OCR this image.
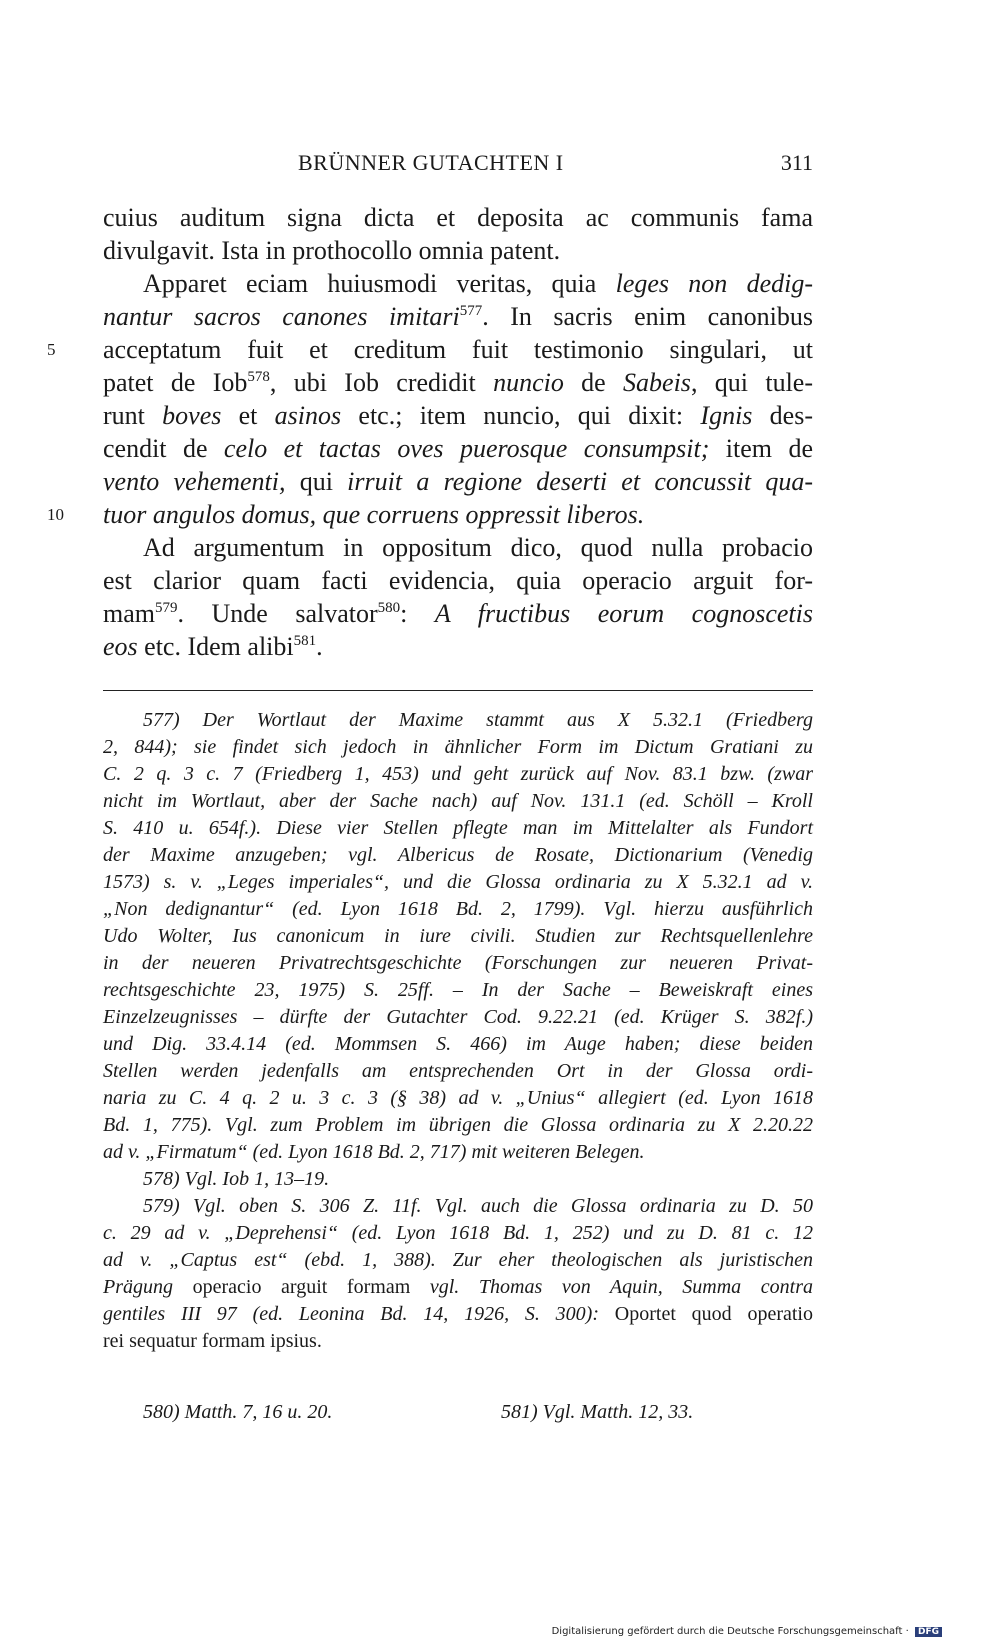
BRÜNNER GUTACHTEN I	311
cuius auditum signa dicta et deposita ac communis fama
divulgavit. Ista in prothocollo omnia patent.
Apparet eciam huiusmodi veritas, quia leges non dedig-
nantur sacros canones imitari$^{577}$. In sacris enim canonibus
5	acceptatum fuit et creditum fuit testimonio singulari, ut
patet de Iob$^{578}$, ubi Iob credidit nuncio de Sabeis, qui tule-
runt boves et asinos etc.; item nuncio, qui dixit: Ignis des-
cendit de celo et tactas oves puerosque consumpsit; item de
vento vehementi, qui irruit a regione deserti et concussit qua-
10	tuor angulos domus, que corruens oppressit liberos.
Ad argumentum in oppositum dico, quod nulla probacio
est clarior quam facti evidencia, quia operacio arguit for-
mam$^{579}$. Unde salvator$^{580}$: A fructibus eorum cognoscetis
eos etc. Idem alibi$^{581}$.
577) Der Wortlaut der Maxime stammt aus X 5.32.1 (Friedberg
2, 844); sie findet sich jedoch in ähnlicher Form im Dictum Gratiani zu
C. 2 q. 3 c. 7 (Friedberg 1, 453) und geht zurück auf Nov. 83.1 bzw. (zwar
nicht im Wortlaut, aber der Sache nach) auf Nov. 131.1 (ed. Schöll – Kroll
S. 410 u. 654f.). Diese vier Stellen pflegte man im Mittelalter als Fundort
der Maxime anzugeben; vgl. Albericus de Rosate, Dictionarium (Venedig
1573) s. v. „Leges imperiales“, und die Glossa ordinaria zu X 5.32.1 ad v.
„Non dedignantur“ (ed. Lyon 1618 Bd. 2, 1799). Vgl. hierzu ausführlich
Udo Wolter, Ius canonicum in iure civili. Studien zur Rechtsquellenlehre
in der neueren Privatrechtsgeschichte (Forschungen zur neueren Privat-
rechtsgeschichte 23, 1975) S. 25ff. – In der Sache – Beweiskraft eines
Einzelzeugnisses – dürfte der Gutachter Cod. 9.22.21 (ed. Krüger S. 382f.)
und Dig. 33.4.14 (ed. Mommsen S. 466) im Auge haben; diese beiden
Stellen werden jedenfalls am entsprechenden Ort in der Glossa ordi-
naria zu C. 4 q. 2 u. 3 c. 3 (§ 38) ad v. „Unius“ allegiert (ed. Lyon 1618
Bd. 1, 775). Vgl. zum Problem im übrigen die Glossa ordinaria zu X 2.20.22
ad v. „Firmatum“ (ed. Lyon 1618 Bd. 2, 717) mit weiteren Belegen.
578) Vgl. Iob 1, 13–19.
579) Vgl. oben S. 306 Z. 11f. Vgl. auch die Glossa ordinaria zu D. 50
c. 29 ad v. „Deprehensi“ (ed. Lyon 1618 Bd. 1, 252) und zu D. 81 c. 12
ad v. „Captus est“ (ebd. 1, 388). Zur eher theologischen als juristischen
Prägung operacio arguit formam vgl. Thomas von Aquin, Summa contra
gentiles III 97 (ed. Leonina Bd. 14, 1926, S. 300): Oportet quod operatio
rei sequatur formam ipsius.
580) Matth. 7, 16 u. 20.	581) Vgl. Matth. 12, 33.
Digitalisierung gefördert durch die Deutsche Forschungsgemeinschaft · DFG
